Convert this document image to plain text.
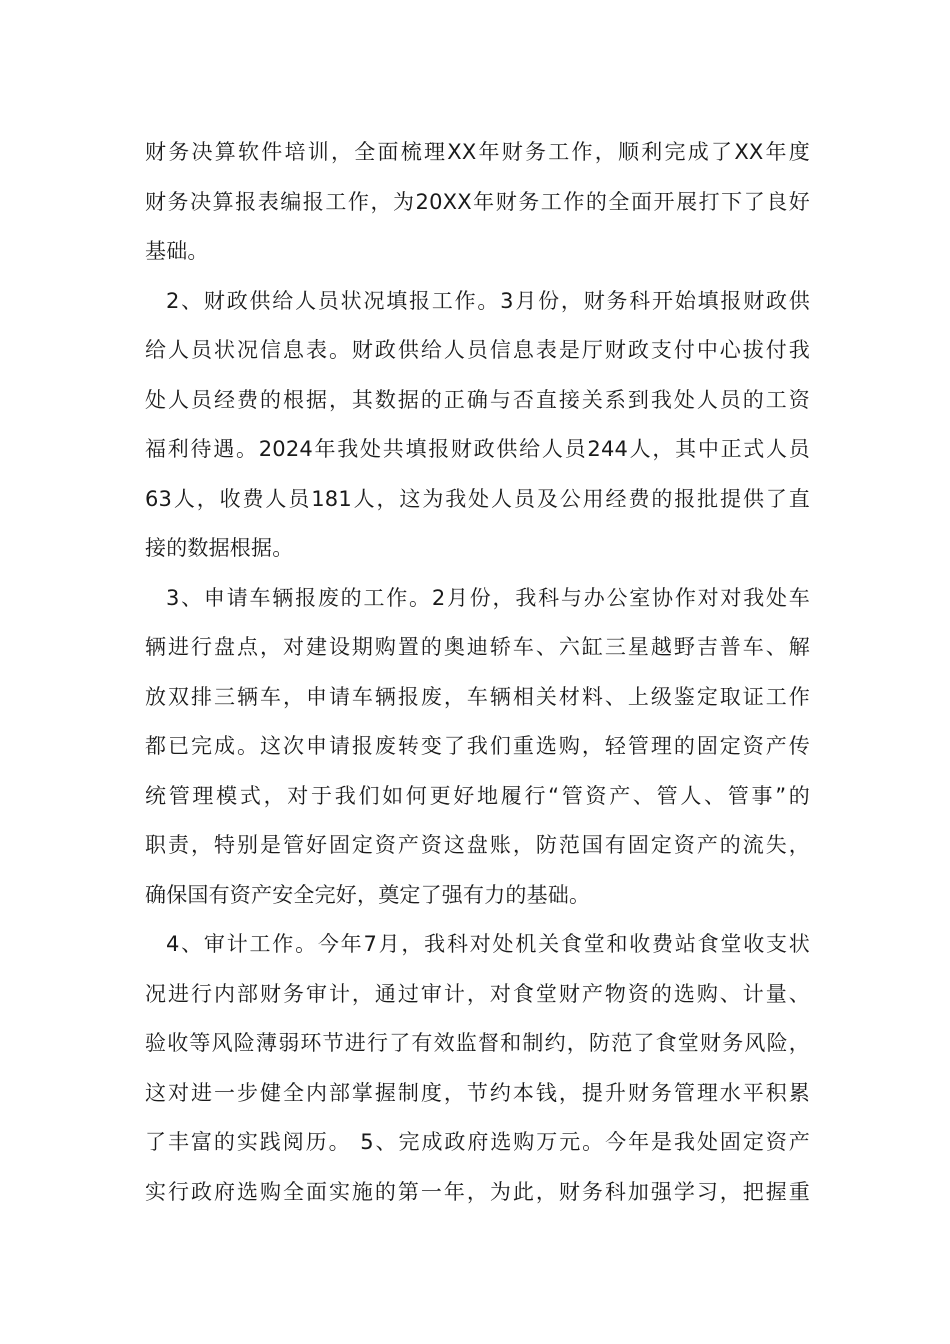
财务决算软件培训，全面梳理XX年财务工作，顺利完成了XX年度
财务决算报表编报工作，为20XX年财务工作的全面开展打下了良好
基础。
2、财政供给人员状况填报工作。3月份，财务科开始填报财政供
给人员状况信息表。财政供给人员信息表是厅财政支付中心拔付我
处人员经费的根据，其数据的正确与否直接关系到我处人员的工资
福利待遇。2024年我处共填报财政供给人员244人，其中正式人员
63人，收费人员181人，这为我处人员及公用经费的报批提供了直
接的数据根据。
3、申请车辆报废的工作。2月份，我科与办公室协作对对我处车
辆进行盘点，对建设期购置的奥迪轿车、六缸三星越野吉普车、解
放双排三辆车，申请车辆报废，车辆相关材料、上级鉴定取证工作
都已完成。这次申请报废转变了我们重选购，轻管理的固定资产传
统管理模式，对于我们如何更好地履行“管资产、管人、管事”的
职责，特别是管好固定资产资这盘账，防范国有固定资产的流失，
确保国有资产安全完好，奠定了强有力的基础。
4、审计工作。今年7月，我科对处机关食堂和收费站食堂收支状
况进行内部财务审计，通过审计，对食堂财产物资的选购、计量、
验收等风险薄弱环节进行了有效监督和制约，防范了食堂财务风险，
这对进一步健全内部掌握制度，节约本钱，提升财务管理水平积累
了丰富的实践阅历。 5、完成政府选购万元。今年是我处固定资产
实行政府选购全面实施的第一年，为此，财务科加强学习，把握重
